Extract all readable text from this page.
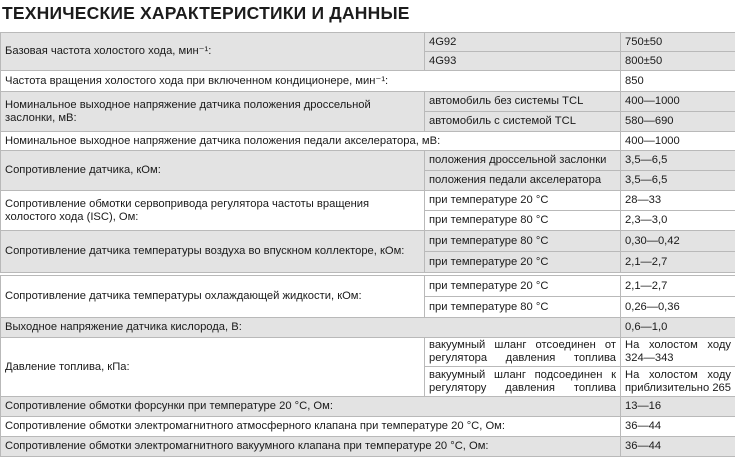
ТЕХНИЧЕСКИЕ ХАРАКТЕРИСТИКИ И ДАННЫЕ
Базовая частота холостого хода, мин⁻¹:	4G92	750±50
	4G93	800±50
Частота вращения холостого хода при включенном кондиционере, мин⁻¹:		850
Номинальное выходное напряжение датчика положения дроссельной заслонки, мВ:	автомобиль без системы TCL	400—1000
	автомобиль с системой TCL	580—690
Номинальное выходное напряжение датчика положения педали акселератора, мВ:		400—1000
Сопротивление датчика, кОм:	положения дроссельной заслонки	3,5—6,5
	положения педали акселератора	3,5—6,5
Сопротивление обмотки сервопривода регулятора частоты вращения холостого хода (ISC), Ом:	при температуре 20 °С	28—33
	при температуре 80 °С	2,3—3,0
Сопротивление датчика температуры воздуха во впускном коллекторе, кОм:	при температуре 80 °С	0,30—0,42
	при температуре 20 °С	2,1—2,7

Сопротивление датчика температуры охлаждающей жидкости, кОм:	при температуре 20 °С	2,1—2,7
	при температуре 80 °С	0,26—0,36
Выходное напряжение датчика кислорода, В:		0,6—1,0
Давление топлива, кПа:	вакуумный шланг отсоединен от регулятора давления топлива	На холостом ходу 324—343

	вакуумный шланг подсоединен к регулятору давления топлива	На холостом ходу приблизительно 265

Сопротивление обмотки форсунки при температуре 20 °С, Ом:		13—16
Сопротивление обмотки электромагнитного атмосферного клапана при температуре 20 °С, Ом:		36—44
Сопротивление обмотки электромагнитного вакуумного клапана при температуре 20 °С, Ом:		36—44
